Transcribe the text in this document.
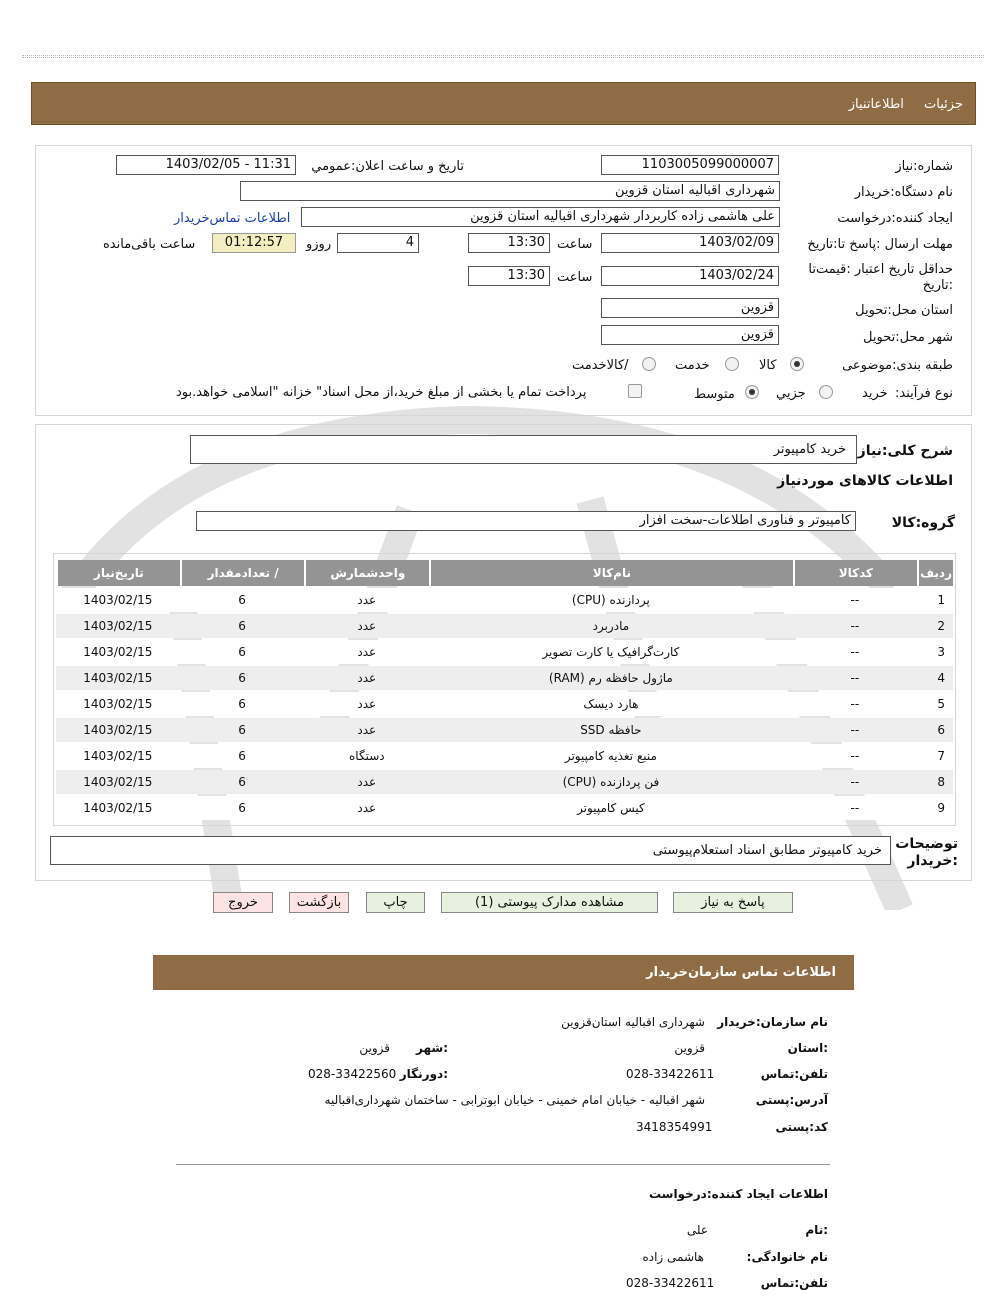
جزئیات اطلاعاتنیاز
شماره:نیاز
1103005099000007
تاریخ و ساعت اعلان:عمومي
1403/02/05 - 11:31
نام دستگاه:خریدار
شهرداری اقبالیه استان قزوین
ایجاد کننده:درخواست
علی هاشمی زاده کاربردار شهرداری اقبالیه استان قزوین
اطلاعات تماس‌خریدار
مهلت ارسال :پاسخ تا:تاریخ
1403/02/09
ساعت
13:30
4
روزو
01:12:57
ساعت باقی‌مانده
حداقل تاریخ اعتبار :قیمت‌تا
:تاریخ
1403/02/24
ساعت
13:30
استان محل:تحویل
قزوین
شهر محل:تحویل
قزوین
طبقه بندی:موضوعی
کالا
خدمت
/کالاخدمت
نوع فرآیند:
خرید
جزيي
متوسط
پرداخت تمام یا بخشی از مبلغ خرید،از محل اسناد" خزانه "اسلامی خواهد.بود
شرح کلی:نیاز
خرید کامپیوتر
اطلاعات کالاهای مورد‌نیاز
گروه:کالا
کامپیوتر و فناوری اطلاعات-سخت افزار
ردیف	کدکالا	نام‌کالا	واحدشمارش	/ تعدادمقدار	تاریخ‌نیاز
1	--	پردازنده (CPU)	عدد	6	1403/02/15
2	--	مادربرد	عدد	6	1403/02/15
3	--	کارت‌گرافیک یا کارت تصویر	عدد	6	1403/02/15
4	--	ماژول حافظه رم (RAM)	عدد	6	1403/02/15
5	--	هارد دیسک	عدد	6	1403/02/15
6	--	حافظه SSD	عدد	6	1403/02/15
7	--	منبع تغذیه کامپیوتر	دستگاه	6	1403/02/15
8	--	فن پردازنده (CPU)	عدد	6	1403/02/15
9	--	کیس کامپیوتر	عدد	6	1403/02/15
توضیحات
:خریدار
خرید کامپیوتر مطابق اسناد استعلام‌پیوستی
پاسخ به نیاز
مشاهده مدارک پیوستی (1)
چاپ
بازگشت
خروج
اطلاعات تماس سازمان‌خریدار
نام سازمان:خریدار
شهرداری اقبالیه استان‌قزوین
:استان
قزوین
:شهر
قزوین
تلفن:تماس
028-33422611
:دورنگار
028-33422560
آدرس:پستی
شهر اقبالیه - خیابان امام خمینی - خیابان ابوترابی - ساختمان شهرداری‌اقبالیه
کد:پستی
3418354991
اطلاعات ایجاد کننده:درخواست
:نام
علی
نام خانوادگی:
هاشمی زاده
تلفن:تماس
028-33422611
